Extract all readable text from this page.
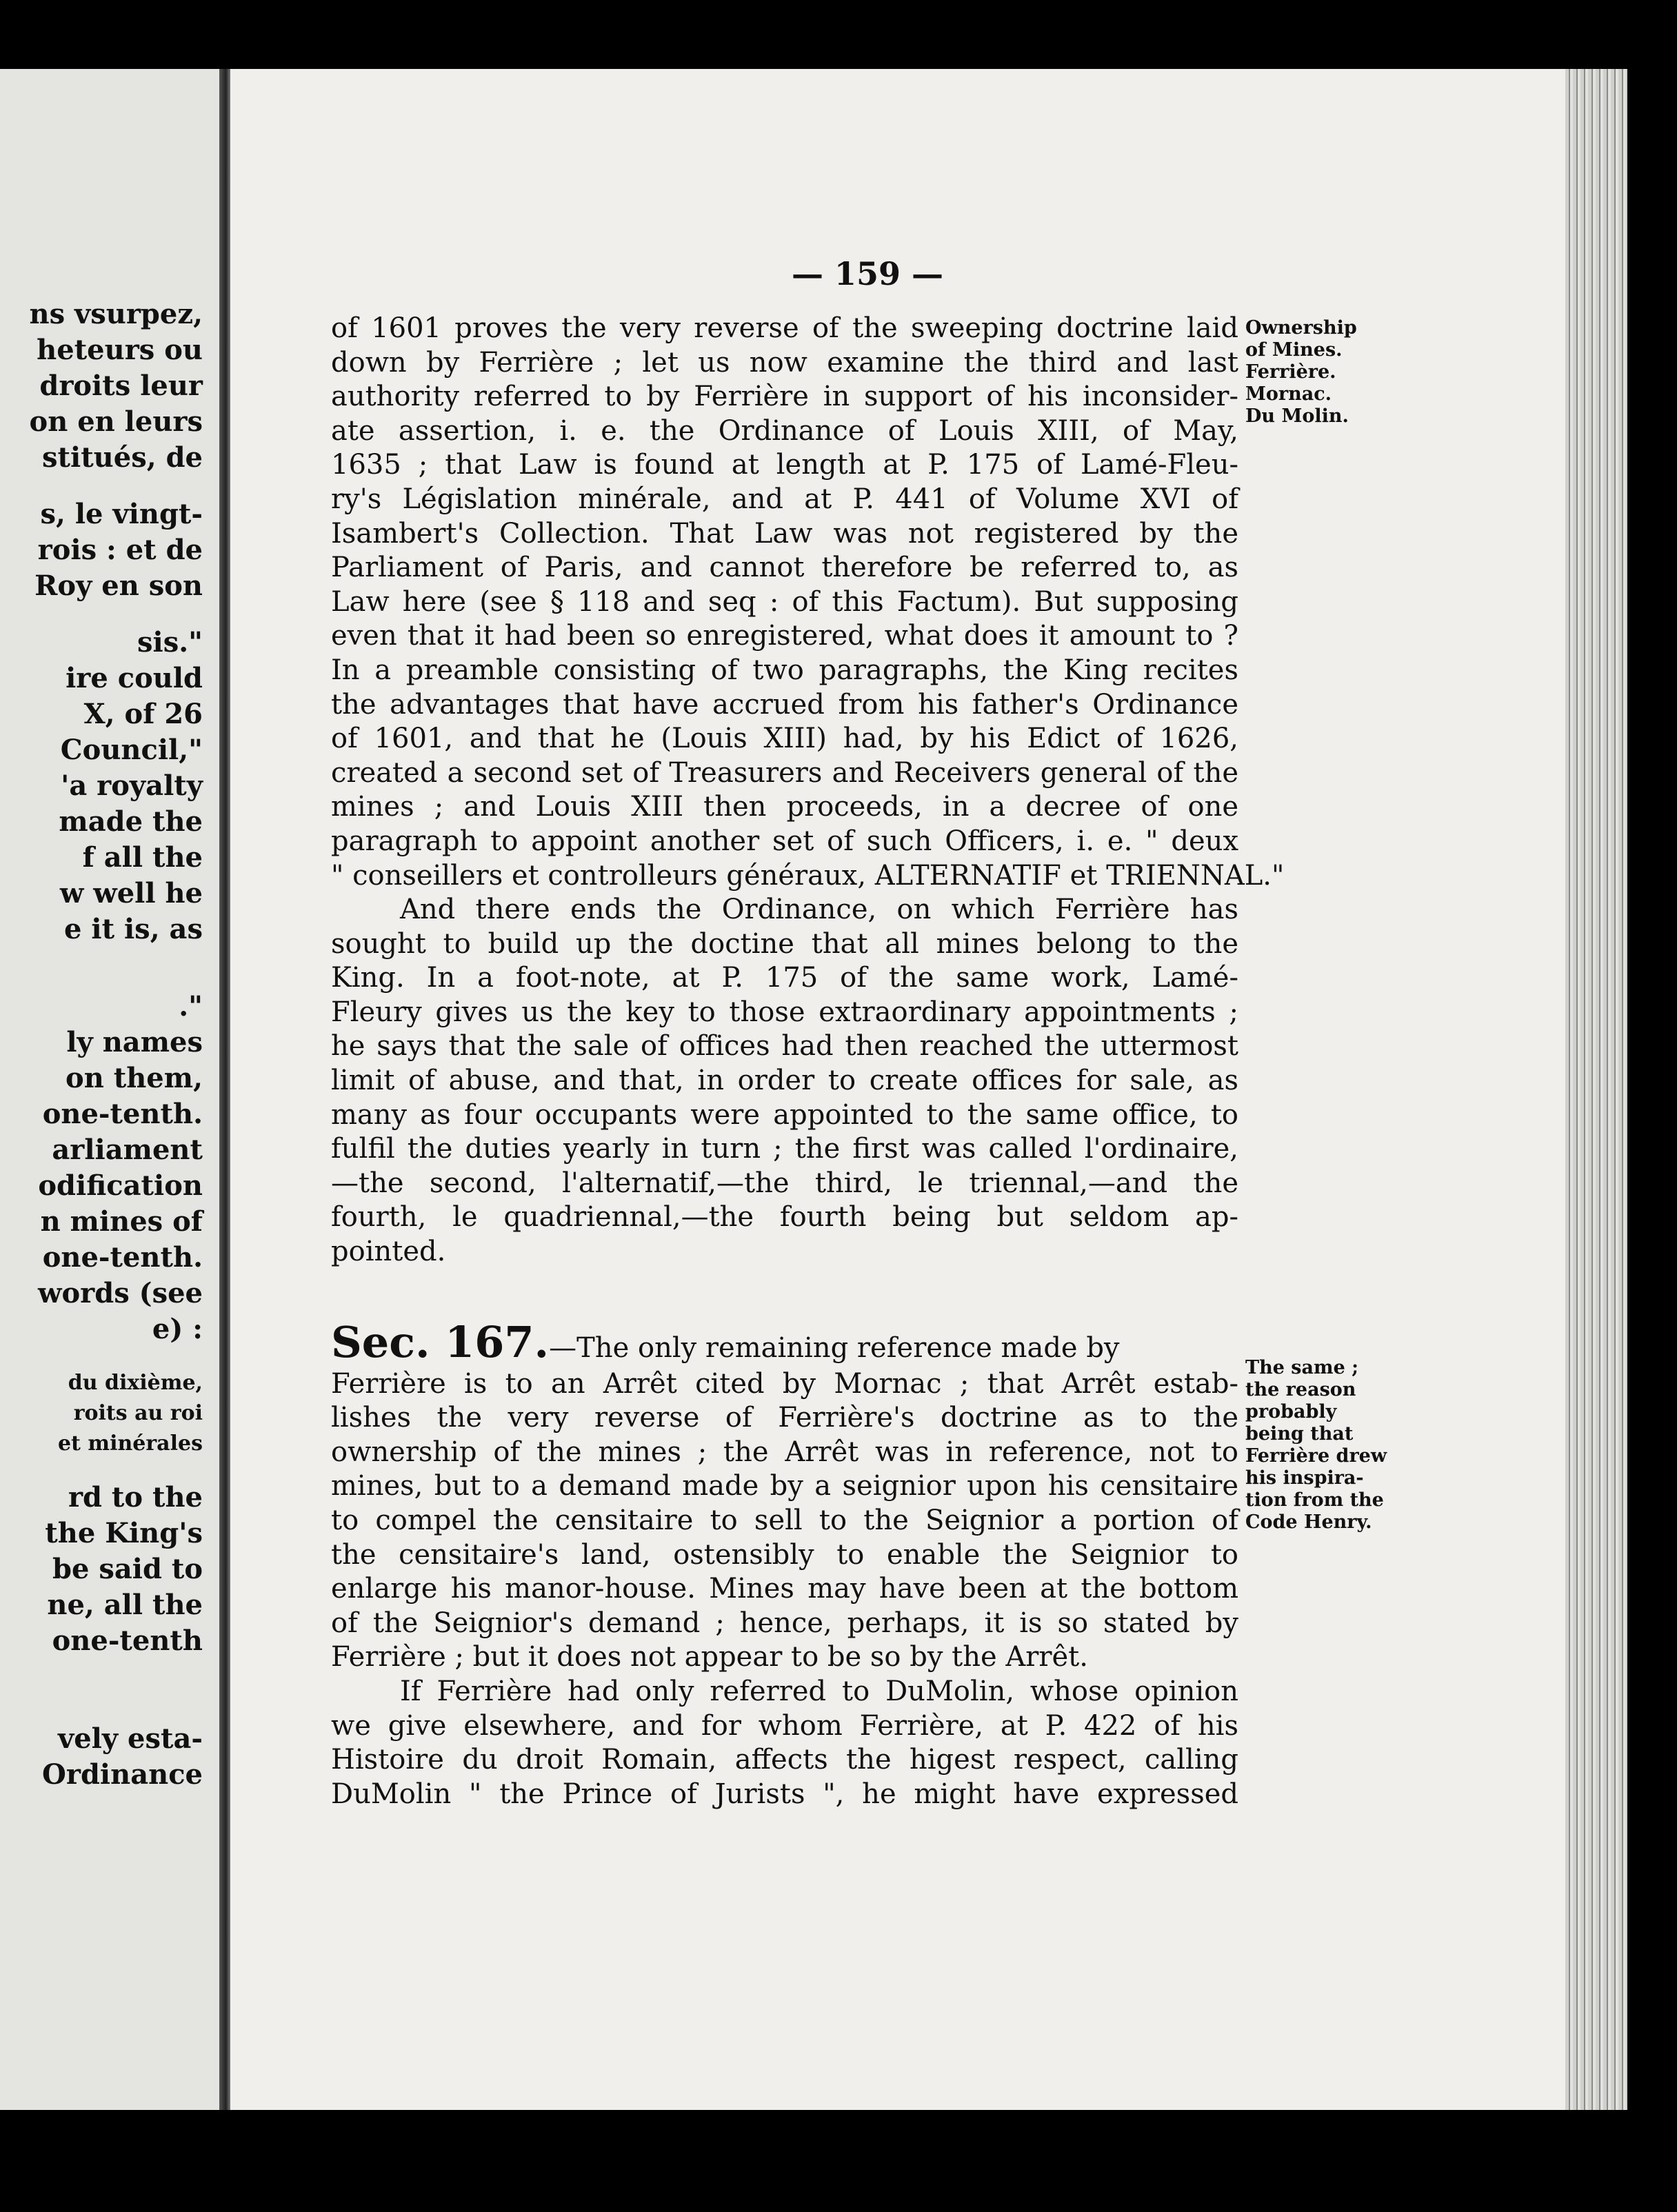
ns vsurpez,
heteurs ou
droits leur
on en leurs
stitués, de
s, le vingt-
rois : et de
Roy en son
sis."
ire could
X, of 26
Council,"
'a royalty
made the
f all the
w well he
e it is, as
."
ly names
on them,
one-tenth.
arliament
odification
n mines of
one-tenth.
words (see
e) :
du dixième,
roits au roi
et minérales
rd to the
the King's
be said to
ne, all the
one-tenth
vely esta-
Ordinance
— 159 —
Ownership
of Mines.
Ferrière.
Mornac.
Du Molin.
The same ;
the reason
probably
being that
Ferrière drew
his inspira-
tion from the
Code Henry.
of 1601 proves the very reverse of the sweeping doctrine laid
down by Ferrière ; let us now examine the third and last
authority referred to by Ferrière in support of his inconsider-
ate assertion, i. e. the Ordinance of Louis XIII, of May,
1635 ; that Law is found at length at P. 175 of Lamé-Fleu-
ry's Législation minérale, and at P. 441 of Volume XVI of
Isambert's Collection. That Law was not registered by the
Parliament of Paris, and cannot therefore be referred to, as
Law here (see § 118 and seq : of this Factum). But supposing
even that it had been so enregistered, what does it amount to ?
In a preamble consisting of two paragraphs, the King recites
the advantages that have accrued from his father's Ordinance
of 1601, and that he (Louis XIII) had, by his Edict of 1626,
created a second set of Treasurers and Receivers general of the
mines ; and Louis XIII then proceeds, in a decree of one
paragraph to appoint another set of such Officers, i. e. " deux
" conseillers et controlleurs généraux, ALTERNATIF et TRIENNAL."
And there ends the Ordinance, on which Ferrière has
sought to build up the doctine that all mines belong to the
King. In a foot-note, at P. 175 of the same work, Lamé-
Fleury gives us the key to those extraordinary appointments ;
he says that the sale of offices had then reached the uttermost
limit of abuse, and that, in order to create offices for sale, as
many as four occupants were appointed to the same office, to
fulfil the duties yearly in turn ; the first was called l'ordinaire,
—the second, l'alternatif,—the third, le triennal,—and the
fourth, le quadriennal,—the fourth being but seldom ap-
pointed.
Sec. 167.—The only remaining reference made by
Ferrière is to an Arrêt cited by Mornac ; that Arrêt estab-
lishes the very reverse of Ferrière's doctrine as to the
ownership of the mines ; the Arrêt was in reference, not to
mines, but to a demand made by a seignior upon his censitaire
to compel the censitaire to sell to the Seignior a portion of
the censitaire's land, ostensibly to enable the Seignior to
enlarge his manor-house. Mines may have been at the bottom
of the Seignior's demand ; hence, perhaps, it is so stated by
Ferrière ; but it does not appear to be so by the Arrêt.
If Ferrière had only referred to DuMolin, whose opinion
we give elsewhere, and for whom Ferrière, at P. 422 of his
Histoire du droit Romain, affects the higest respect, calling
DuMolin " the Prince of Jurists ", he might have expressed
